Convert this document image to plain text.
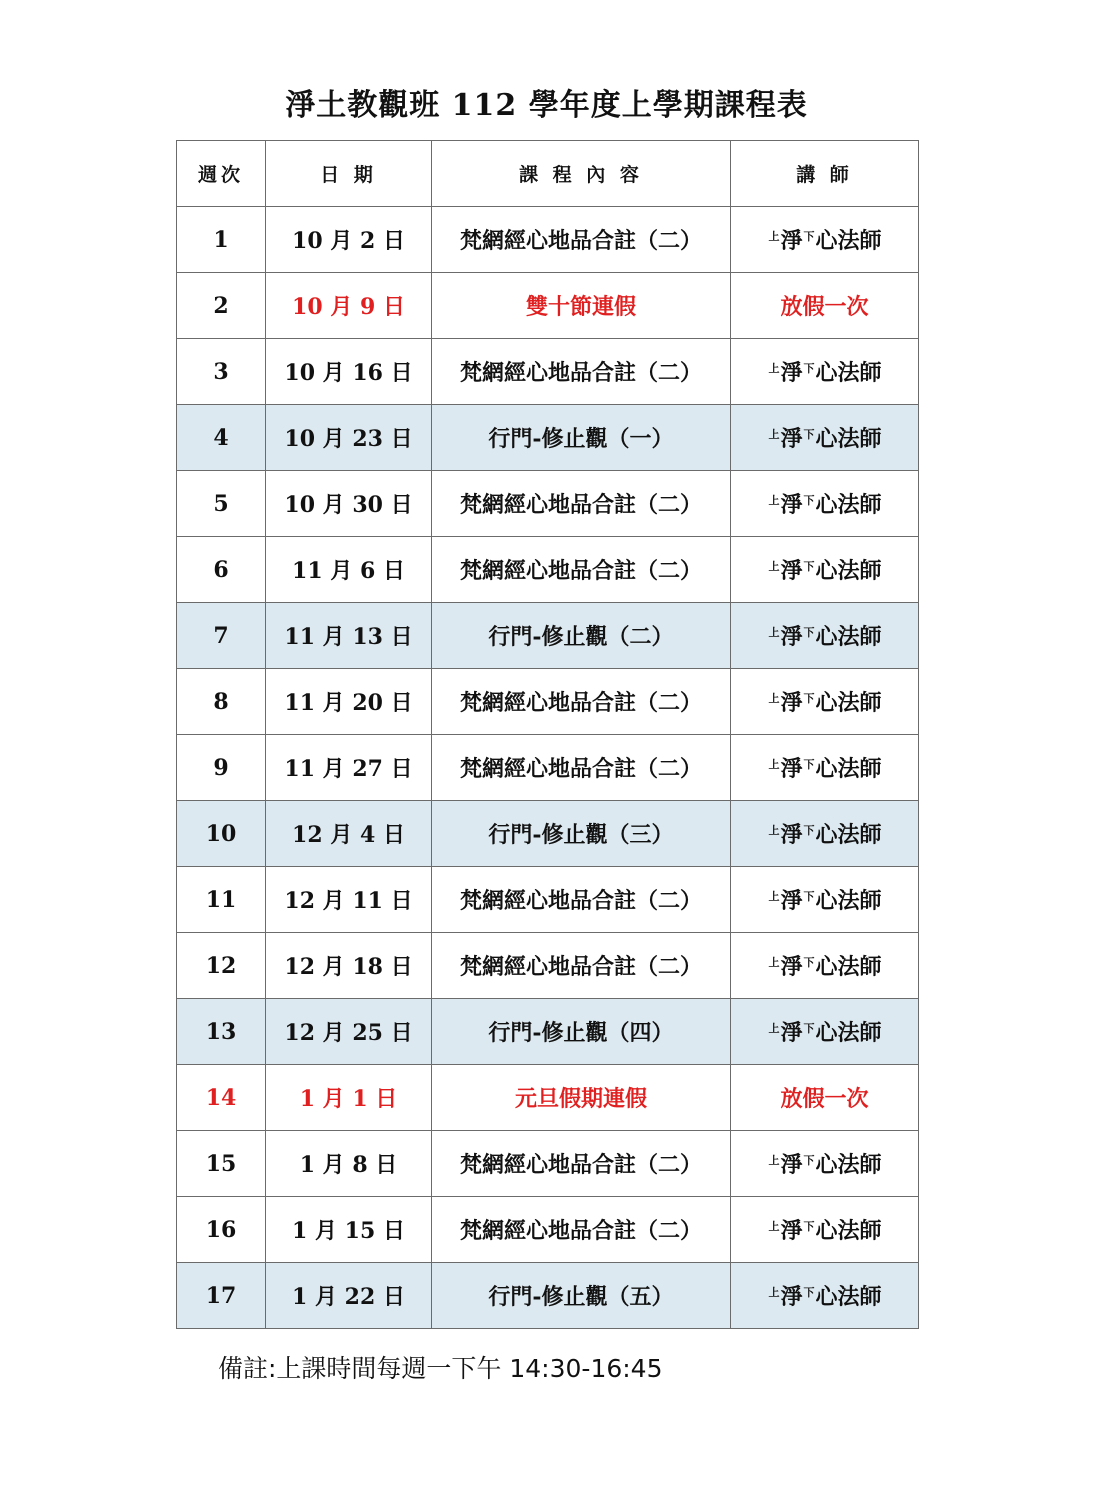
淨土教觀班 112 學年度上學期課程表
週次	日 期	課 程 內 容	講 師
1	10 月 2 日	梵網經心地品合註（二）	$^上$淨$^下$心法師
2	10 月 9 日	雙十節連假	放假一次
3	10 月 16 日	梵網經心地品合註（二）	$^上$淨$^下$心法師
4	10 月 23 日	行門-修止觀（一）	$^上$淨$^下$心法師
5	10 月 30 日	梵網經心地品合註（二）	$^上$淨$^下$心法師
6	11 月 6 日	梵網經心地品合註（二）	$^上$淨$^下$心法師
7	11 月 13 日	行門-修止觀（二）	$^上$淨$^下$心法師
8	11 月 20 日	梵網經心地品合註（二）	$^上$淨$^下$心法師
9	11 月 27 日	梵網經心地品合註（二）	$^上$淨$^下$心法師
10	12 月 4 日	行門-修止觀（三）	$^上$淨$^下$心法師
11	12 月 11 日	梵網經心地品合註（二）	$^上$淨$^下$心法師
12	12 月 18 日	梵網經心地品合註（二）	$^上$淨$^下$心法師
13	12 月 25 日	行門-修止觀（四）	$^上$淨$^下$心法師
14	1 月 1 日	元旦假期連假	放假一次
15	1 月 8 日	梵網經心地品合註（二）	$^上$淨$^下$心法師
16	1 月 15 日	梵網經心地品合註（二）	$^上$淨$^下$心法師
17	1 月 22 日	行門-修止觀（五）	$^上$淨$^下$心法師
備註:上課時間每週一下午 14:30-16:45
